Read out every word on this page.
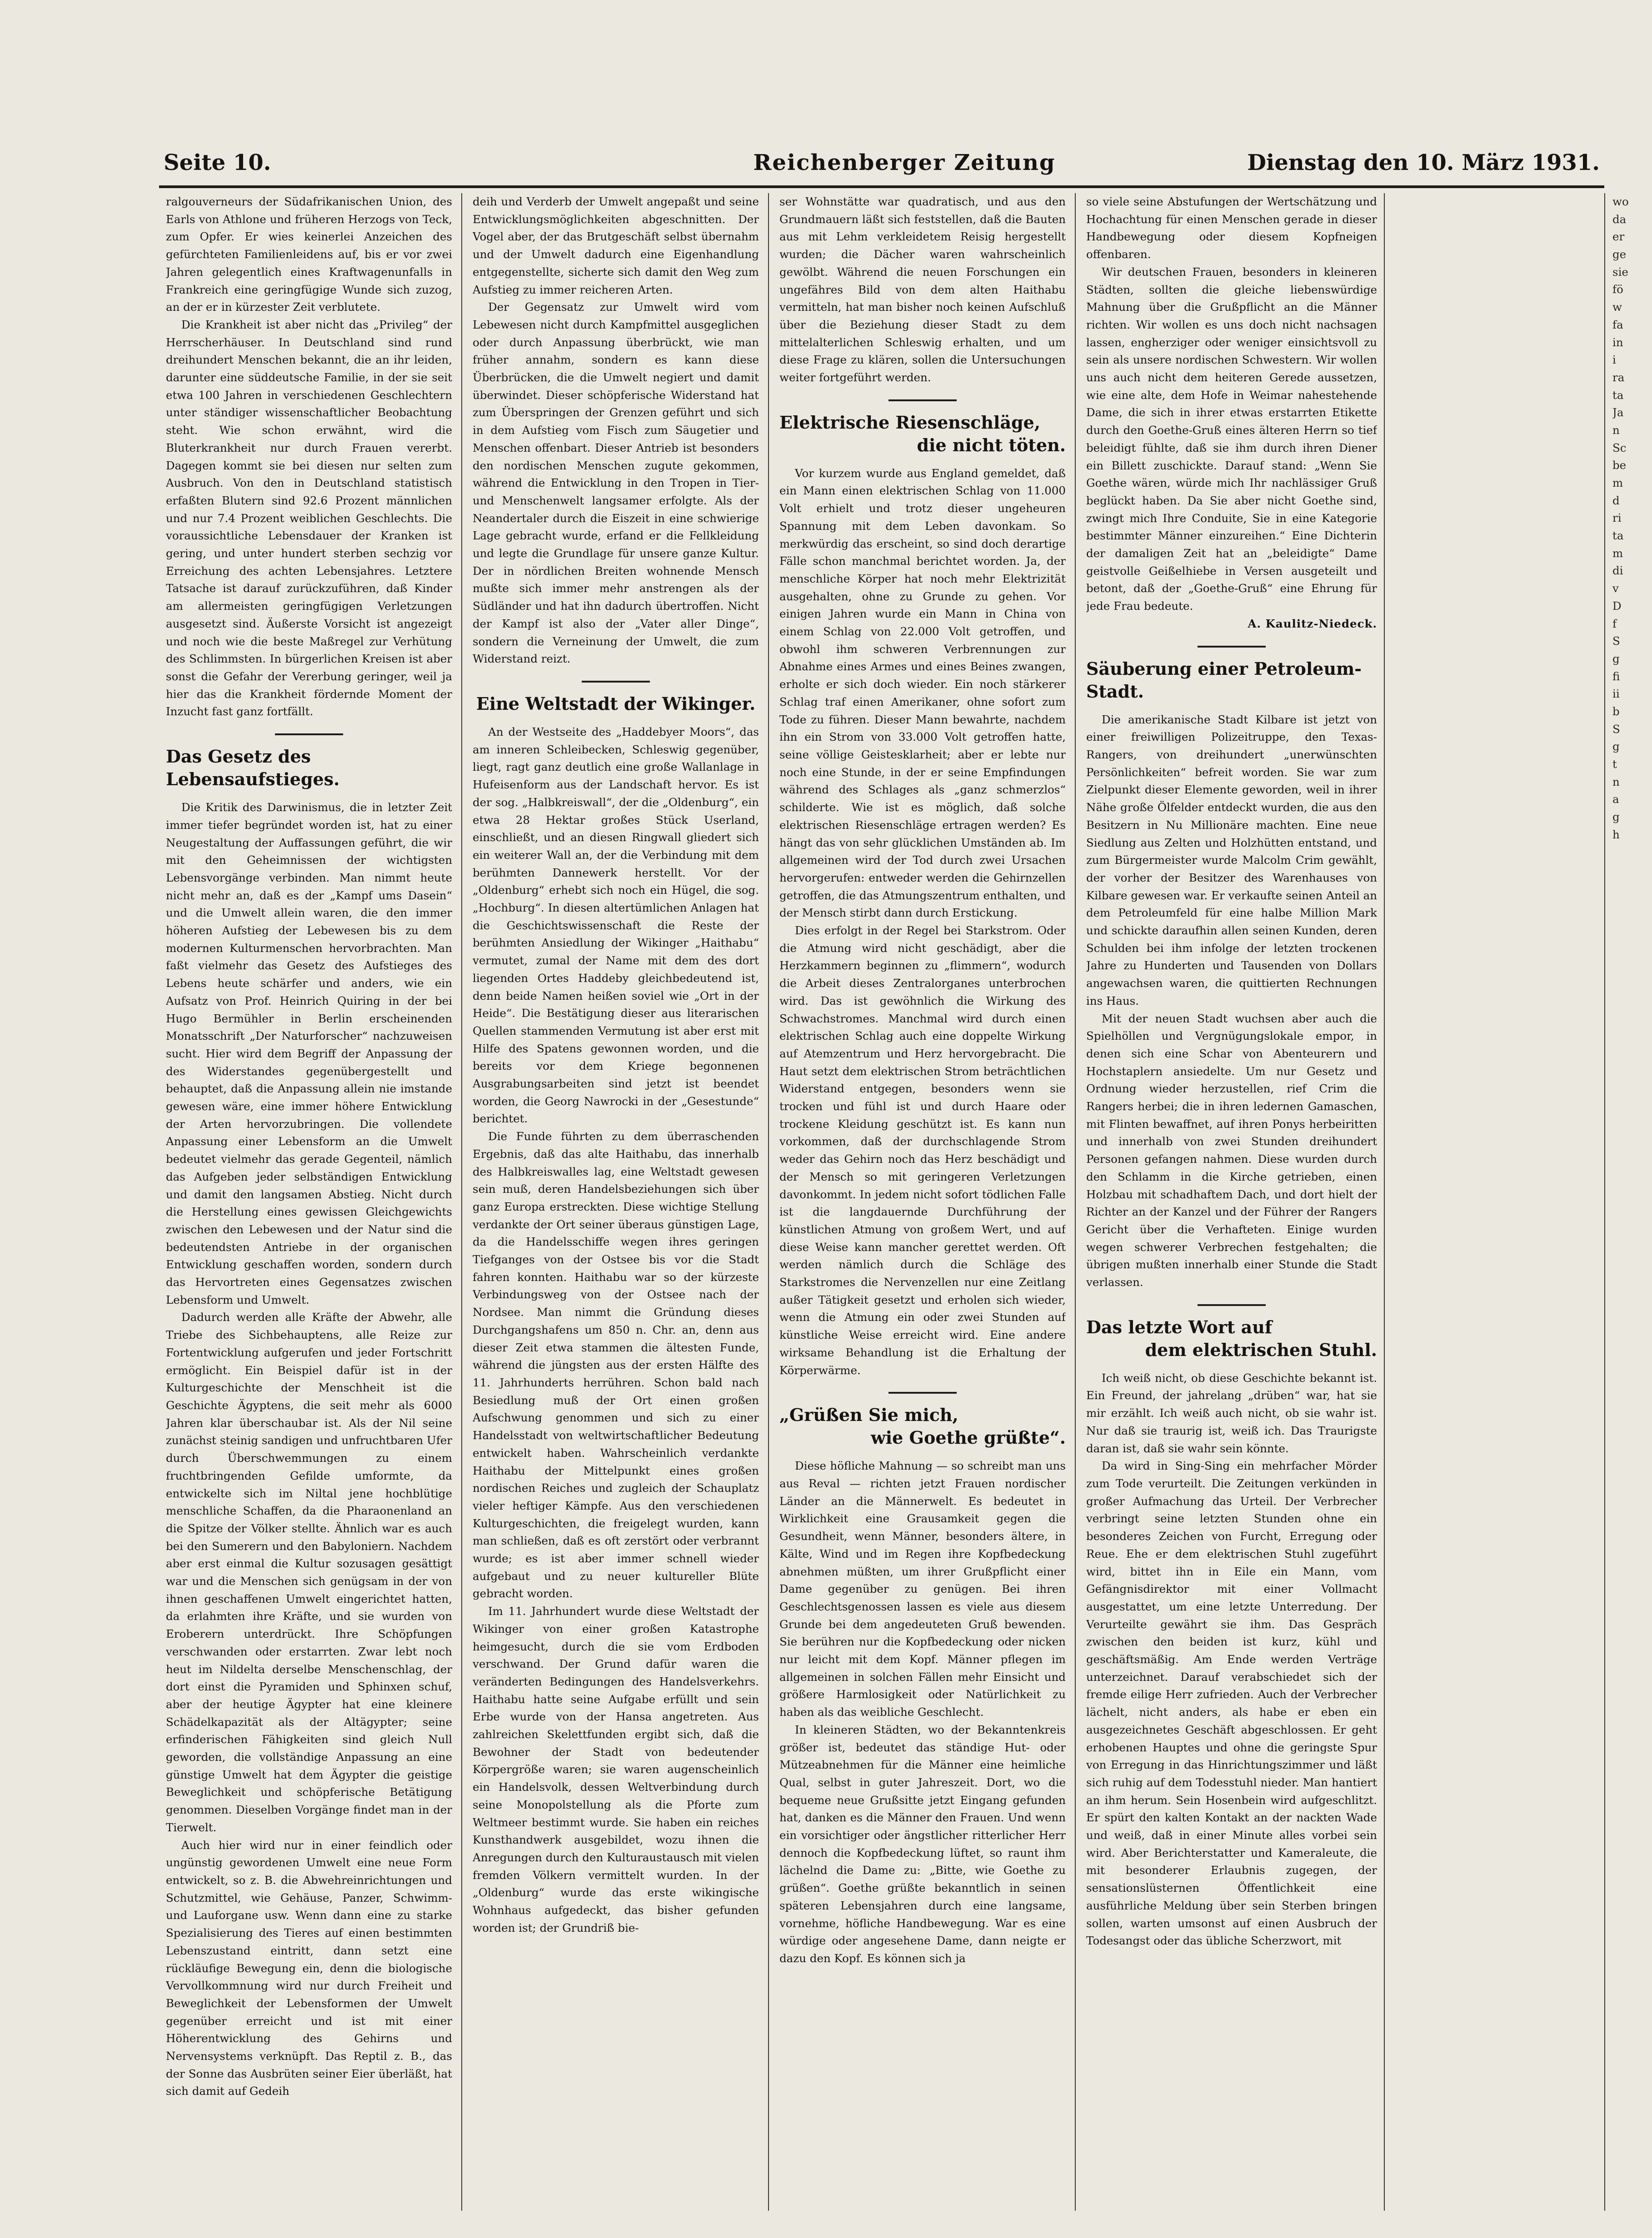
Seite 10.	Reichenberger Zeitung	Dienstag den 10. März 1931.

ralgouverneurs der Südafrikanischen Union, des Earls von Athlone und früheren Herzogs von Teck, zum Opfer. Er wies keinerlei Anzeichen des gefürchteten Familienleidens auf, bis er vor zwei Jahren gelegentlich eines Kraftwagenunfalls in Frankreich eine geringfügige Wunde sich zuzog, an der er in kürzester Zeit verblutete.

Die Krankheit ist aber nicht das „Privileg“ der Herrscherhäuser. In Deutschland sind rund dreihundert Menschen bekannt, die an ihr leiden, darunter eine süddeutsche Familie, in der sie seit etwa 100 Jahren in verschiedenen Geschlechtern unter ständiger wissenschaftlicher Beobachtung steht. Wie schon erwähnt, wird die Bluterkrankheit nur durch Frauen vererbt. Dagegen kommt sie bei diesen nur selten zum Ausbruch. Von den in Deutschland statistisch erfaßten Blutern sind 92.6 Prozent männlichen und nur 7.4 Prozent weiblichen Geschlechts. Die voraussichtliche Lebensdauer der Kranken ist gering, und unter hundert sterben sechzig vor Erreichung des achten Lebensjahres. Letztere Tatsache ist darauf zurückzuführen, daß Kinder am allermeisten geringfügigen Verletzungen ausgesetzt sind. Äußerste Vorsicht ist angezeigt und noch wie die beste Maßregel zur Verhütung des Schlimmsten. In bürgerlichen Kreisen ist aber sonst die Gefahr der Vererbung geringer, weil ja hier das die Krankheit fördernde Moment der Inzucht fast ganz fortfällt.

Das Gesetz des Lebensaufstieges.

Die Kritik des Darwinismus, die in letzter Zeit immer tiefer begründet worden ist, hat zu einer Neugestaltung der Auffassungen geführt, die wir mit den Geheimnissen der wichtigsten Lebensvorgänge verbinden. Man nimmt heute nicht mehr an, daß es der „Kampf ums Dasein“ und die Umwelt allein waren, die den immer höheren Aufstieg der Lebewesen bis zu dem modernen Kulturmenschen hervorbrachten. Man faßt vielmehr das Gesetz des Aufstieges des Lebens heute schärfer und anders, wie ein Aufsatz von Prof. Heinrich Quiring in der bei Hugo Bermühler in Berlin erscheinenden Monatsschrift „Der Naturforscher“ nachzuweisen sucht. Hier wird dem Begriff der Anpassung der des Widerstandes gegenübergestellt und behauptet, daß die Anpassung allein nie imstande gewesen wäre, eine immer höhere Entwicklung der Arten hervorzubringen. Die vollendete Anpassung einer Lebensform an die Umwelt bedeutet vielmehr das gerade Gegenteil, nämlich das Aufgeben jeder selbständigen Entwicklung und damit den langsamen Abstieg. Nicht durch die Herstellung eines gewissen Gleichgewichts zwischen den Lebewesen und der Natur sind die bedeutendsten Antriebe in der organischen Entwicklung geschaffen worden, sondern durch das Hervortreten eines Gegensatzes zwischen Lebensform und Umwelt.

Dadurch werden alle Kräfte der Abwehr, alle Triebe des Sichbehauptens, alle Reize zur Fortentwicklung aufgerufen und jeder Fortschritt ermöglicht. Ein Beispiel dafür ist in der Kulturgeschichte der Menschheit ist die Geschichte Ägyptens, die seit mehr als 6000 Jahren klar überschaubar ist. Als der Nil seine zunächst steinig sandigen und unfruchtbaren Ufer durch Überschwemmungen zu einem fruchtbringenden Gefilde umformte, da entwickelte sich im Niltal jene hochblütige menschliche Schaffen, da die Pharaonenland an die Spitze der Völker stellte. Ähnlich war es auch bei den Sumerern und den Babyloniern. Nachdem aber erst einmal die Kultur sozusagen gesättigt war und die Menschen sich genügsam in der von ihnen geschaffenen Umwelt eingerichtet hatten, da erlahmten ihre Kräfte, und sie wurden von Eroberern unterdrückt. Ihre Schöpfungen verschwanden oder erstarrten. Zwar lebt noch heut im Nildelta derselbe Menschenschlag, der dort einst die Pyramiden und Sphinxen schuf, aber der heutige Ägypter hat eine kleinere Schädelkapazität als der Altägypter; seine erfinderischen Fähigkeiten sind gleich Null geworden, die vollständige Anpassung an eine günstige Umwelt hat dem Ägypter die geistige Beweglichkeit und schöpferische Betätigung genommen. Dieselben Vorgänge findet man in der Tierwelt.

Auch hier wird nur in einer feindlich oder ungünstig gewordenen Umwelt eine neue Form entwickelt, so z. B. die Abwehreinrichtungen und Schutzmittel, wie Gehäuse, Panzer, Schwimm- und Lauforgane usw. Wenn dann eine zu starke Spezialisierung des Tieres auf einen bestimmten Lebenszustand eintritt, dann setzt eine rückläufige Bewegung ein, denn die biologische Vervollkommnung wird nur durch Freiheit und Beweglichkeit der Lebensformen der Umwelt gegenüber erreicht und ist mit einer Höherentwicklung des Gehirns und Nervensystems verknüpft. Das Reptil z. B., das der Sonne das Ausbrüten seiner Eier überläßt, hat sich damit auf Gedeih

deih und Verderb der Umwelt angepaßt und seine Entwicklungsmöglichkeiten abgeschnitten. Der Vogel aber, der das Brutgeschäft selbst übernahm und der Umwelt dadurch eine Eigenhandlung entgegenstellte, sicherte sich damit den Weg zum Aufstieg zu immer reicheren Arten.

Der Gegensatz zur Umwelt wird vom Lebewesen nicht durch Kampfmittel ausgeglichen oder durch Anpassung überbrückt, wie man früher annahm, sondern es kann diese Überbrücken, die die Umwelt negiert und damit überwindet. Dieser schöpferische Widerstand hat zum Überspringen der Grenzen geführt und sich in dem Aufstieg vom Fisch zum Säugetier und Menschen offenbart. Dieser Antrieb ist besonders den nordischen Menschen zugute gekommen, während die Entwicklung in den Tropen in Tier- und Menschenwelt langsamer erfolgte. Als der Neandertaler durch die Eiszeit in eine schwierige Lage gebracht wurde, erfand er die Fellkleidung und legte die Grundlage für unsere ganze Kultur. Der in nördlichen Breiten wohnende Mensch mußte sich immer mehr anstrengen als der Südländer und hat ihn dadurch übertroffen. Nicht der Kampf ist also der „Vater aller Dinge“, sondern die Verneinung der Umwelt, die zum Widerstand reizt.

Eine Weltstadt der Wikinger.

An der Westseite des „Haddebyer Moors“, das am inneren Schleibecken, Schleswig gegenüber, liegt, ragt ganz deutlich eine große Wallanlage in Hufeisenform aus der Landschaft hervor. Es ist der sog. „Halbkreiswall“, der die „Oldenburg“, ein etwa 28 Hektar großes Stück Userland, einschließt, und an diesen Ringwall gliedert sich ein weiterer Wall an, der die Verbindung mit dem berühmten Dannewerk herstellt. Vor der „Oldenburg“ erhebt sich noch ein Hügel, die sog. „Hochburg“. In diesen altertümlichen Anlagen hat die Geschichtswissenschaft die Reste der berühmten Ansiedlung der Wikinger „Haithabu“ vermutet, zumal der Name mit dem des dort liegenden Ortes Haddeby gleichbedeutend ist, denn beide Namen heißen soviel wie „Ort in der Heide“. Die Bestätigung dieser aus literarischen Quellen stammenden Vermutung ist aber erst mit Hilfe des Spatens gewonnen worden, und die bereits vor dem Kriege begonnenen Ausgrabungsarbeiten sind jetzt ist beendet worden, die Georg Nawrocki in der „Gesestunde“ berichtet.

Die Funde führten zu dem überraschenden Ergebnis, daß das alte Haithabu, das innerhalb des Halbkreiswalles lag, eine Weltstadt gewesen sein muß, deren Handelsbeziehungen sich über ganz Europa erstreckten. Diese wichtige Stellung verdankte der Ort seiner überaus günstigen Lage, da die Handelsschiffe wegen ihres geringen Tiefganges von der Ostsee bis vor die Stadt fahren konnten. Haithabu war so der kürzeste Verbindungsweg von der Ostsee nach der Nordsee. Man nimmt die Gründung dieses Durchgangshafens um 850 n. Chr. an, denn aus dieser Zeit etwa stammen die ältesten Funde, während die jüngsten aus der ersten Hälfte des 11. Jahrhunderts herrühren. Schon bald nach Besiedlung muß der Ort einen großen Aufschwung genommen und sich zu einer Handelsstadt von weltwirtschaftlicher Bedeutung entwickelt haben. Wahrscheinlich verdankte Haithabu der Mittelpunkt eines großen nordischen Reiches und zugleich der Schauplatz vieler heftiger Kämpfe. Aus den verschiedenen Kulturgeschichten, die freigelegt wurden, kann man schließen, daß es oft zerstört oder verbrannt wurde; es ist aber immer schnell wieder aufgebaut und zu neuer kultureller Blüte gebracht worden.

Im 11. Jahrhundert wurde diese Weltstadt der Wikinger von einer großen Katastrophe heimgesucht, durch die sie vom Erdboden verschwand. Der Grund dafür waren die veränderten Bedingungen des Handelsverkehrs. Haithabu hatte seine Aufgabe erfüllt und sein Erbe wurde von der Hansa angetreten. Aus zahlreichen Skelettfunden ergibt sich, daß die Bewohner der Stadt von bedeutender Körpergröße waren; sie waren augenscheinlich ein Handelsvolk, dessen Weltverbindung durch seine Monopolstellung als die Pforte zum Weltmeer bestimmt wurde. Sie haben ein reiches Kunsthandwerk ausgebildet, wozu ihnen die Anregungen durch den Kulturaustausch mit vielen fremden Völkern vermittelt wurden. In der „Oldenburg“ wurde das erste wikingische Wohnhaus aufgedeckt, das bisher gefunden worden ist; der Grundriß bie-

ser Wohnstätte war quadratisch, und aus den Grundmauern läßt sich feststellen, daß die Bauten aus mit Lehm verkleidetem Reisig hergestellt wurden; die Dächer waren wahrscheinlich gewölbt. Während die neuen Forschungen ein ungefähres Bild von dem alten Haithabu vermitteln, hat man bisher noch keinen Aufschluß über die Beziehung dieser Stadt zu dem mittelalterlichen Schleswig erhalten, und um diese Frage zu klären, sollen die Untersuchungen weiter fortgeführt werden.

Elektrische Riesenschläge,
die nicht töten.

Vor kurzem wurde aus England gemeldet, daß ein Mann einen elektrischen Schlag von 11.000 Volt erhielt und trotz dieser ungeheuren Spannung mit dem Leben davonkam. So merkwürdig das erscheint, so sind doch derartige Fälle schon manchmal berichtet worden. Ja, der menschliche Körper hat noch mehr Elektrizität ausgehalten, ohne zu Grunde zu gehen. Vor einigen Jahren wurde ein Mann in China von einem Schlag von 22.000 Volt getroffen, und obwohl ihm schweren Verbrennungen zur Abnahme eines Armes und eines Beines zwangen, erholte er sich doch wieder. Ein noch stärkerer Schlag traf einen Amerikaner, ohne sofort zum Tode zu führen. Dieser Mann bewahrte, nachdem ihn ein Strom von 33.000 Volt getroffen hatte, seine völlige Geistesklarheit; aber er lebte nur noch eine Stunde, in der er seine Empfindungen während des Schlages als „ganz schmerzlos“ schilderte. Wie ist es möglich, daß solche elektrischen Riesenschläge ertragen werden? Es hängt das von sehr glücklichen Umständen ab. Im allgemeinen wird der Tod durch zwei Ursachen hervorgerufen: entweder werden die Gehirnzellen getroffen, die das Atmungszentrum enthalten, und der Mensch stirbt dann durch Erstickung.

Dies erfolgt in der Regel bei Starkstrom. Oder die Atmung wird nicht geschädigt, aber die Herzkammern beginnen zu „flimmern“, wodurch die Arbeit dieses Zentralorganes unterbrochen wird. Das ist gewöhnlich die Wirkung des Schwachstromes. Manchmal wird durch einen elektrischen Schlag auch eine doppelte Wirkung auf Atemzentrum und Herz hervorgebracht. Die Haut setzt dem elektrischen Strom beträchtlichen Widerstand entgegen, besonders wenn sie trocken und fühl ist und durch Haare oder trockene Kleidung geschützt ist. Es kann nun vorkommen, daß der durchschlagende Strom weder das Gehirn noch das Herz beschädigt und der Mensch so mit geringeren Verletzungen davonkommt. In jedem nicht sofort tödlichen Falle ist die langdauernde Durchführung der künstlichen Atmung von großem Wert, und auf diese Weise kann mancher gerettet werden. Oft werden nämlich durch die Schläge des Starkstromes die Nervenzellen nur eine Zeitlang außer Tätigkeit gesetzt und erholen sich wieder, wenn die Atmung ein oder zwei Stunden auf künstliche Weise erreicht wird. Eine andere wirksame Behandlung ist die Erhaltung der Körperwärme.

„Grüßen Sie mich,
wie Goethe grüßte“.

Diese höfliche Mahnung — so schreibt man uns aus Reval — richten jetzt Frauen nordischer Länder an die Männerwelt. Es bedeutet in Wirklichkeit eine Grausamkeit gegen die Gesundheit, wenn Männer, besonders ältere, in Kälte, Wind und im Regen ihre Kopfbedeckung abnehmen müßten, um ihrer Grußpflicht einer Dame gegenüber zu genügen. Bei ihren Geschlechtsgenossen lassen es viele aus diesem Grunde bei dem angedeuteten Gruß bewenden. Sie berühren nur die Kopfbedeckung oder nicken nur leicht mit dem Kopf. Männer pflegen im allgemeinen in solchen Fällen mehr Einsicht und größere Harmlosigkeit oder Natürlichkeit zu haben als das weibliche Geschlecht.

In kleineren Städten, wo der Bekanntenkreis größer ist, bedeutet das ständige Hut- oder Mützeabnehmen für die Männer eine heimliche Qual, selbst in guter Jahreszeit. Dort, wo die bequeme neue Grußsitte jetzt Eingang gefunden hat, danken es die Männer den Frauen. Und wenn ein vorsichtiger oder ängstlicher ritterlicher Herr dennoch die Kopfbedeckung lüftet, so raunt ihm lächelnd die Dame zu: „Bitte, wie Goethe zu grüßen“. Goethe grüßte bekanntlich in seinen späteren Lebensjahren durch eine langsame, vornehme, höfliche Handbewegung. War es eine würdige oder angesehene Dame, dann neigte er dazu den Kopf. Es können sich ja

so viele seine Abstufungen der Wertschätzung und Hochachtung für einen Menschen gerade in dieser Handbewegung oder diesem Kopfneigen offenbaren.

Wir deutschen Frauen, besonders in kleineren Städten, sollten die gleiche liebenswürdige Mahnung über die Grußpflicht an die Männer richten. Wir wollen es uns doch nicht nachsagen lassen, engherziger oder weniger einsichtsvoll zu sein als unsere nordischen Schwestern. Wir wollen uns auch nicht dem heiteren Gerede aussetzen, wie eine alte, dem Hofe in Weimar nahestehende Dame, die sich in ihrer etwas erstarrten Etikette durch den Goethe-Gruß eines älteren Herrn so tief beleidigt fühlte, daß sie ihm durch ihren Diener ein Billett zuschickte. Darauf stand: „Wenn Sie Goethe wären, würde mich Ihr nachlässiger Gruß beglückt haben. Da Sie aber nicht Goethe sind, zwingt mich Ihre Conduite, Sie in eine Kategorie bestimmter Männer einzureihen.“ Eine Dichterin der damaligen Zeit hat an „beleidigte“ Dame geistvolle Geißelhiebe in Versen ausgeteilt und betont, daß der „Goethe-Gruß“ eine Ehrung für jede Frau bedeute.

A. Kaulitz-Niedeck.
Säuberung einer Petroleum-Stadt.

Die amerikanische Stadt Kilbare ist jetzt von einer freiwilligen Polizeitruppe, den Texas-Rangers, von dreihundert „unerwünschten Persönlichkeiten“ befreit worden. Sie war zum Zielpunkt dieser Elemente geworden, weil in ihrer Nähe große Ölfelder entdeckt wurden, die aus den Besitzern in Nu Millionäre machten. Eine neue Siedlung aus Zelten und Holzhütten entstand, und zum Bürgermeister wurde Malcolm Crim gewählt, der vorher der Besitzer des Warenhauses von Kilbare gewesen war. Er verkaufte seinen Anteil an dem Petroleumfeld für eine halbe Million Mark und schickte daraufhin allen seinen Kunden, deren Schulden bei ihm infolge der letzten trockenen Jahre zu Hunderten und Tausenden von Dollars angewachsen waren, die quittierten Rechnungen ins Haus.

Mit der neuen Stadt wuchsen aber auch die Spielhöllen und Vergnügungslokale empor, in denen sich eine Schar von Abenteurern und Hochstaplern ansiedelte. Um nur Gesetz und Ordnung wieder herzustellen, rief Crim die Rangers herbei; die in ihren ledernen Gamaschen, mit Flinten bewaffnet, auf ihren Ponys herbeiritten und innerhalb von zwei Stunden dreihundert Personen gefangen nahmen. Diese wurden durch den Schlamm in die Kirche getrieben, einen Holzbau mit schadhaftem Dach, und dort hielt der Richter an der Kanzel und der Führer der Rangers Gericht über die Verhafteten. Einige wurden wegen schwerer Verbrechen festgehalten; die übrigen mußten innerhalb einer Stunde die Stadt verlassen.

Das letzte Wort auf
dem elektrischen Stuhl.

Ich weiß nicht, ob diese Geschichte bekannt ist. Ein Freund, der jahrelang „drüben“ war, hat sie mir erzählt. Ich weiß auch nicht, ob sie wahr ist. Nur daß sie traurig ist, weiß ich. Das Traurigste daran ist, daß sie wahr sein könnte.

Da wird in Sing-Sing ein mehrfacher Mörder zum Tode verurteilt. Die Zeitungen verkünden in großer Aufmachung das Urteil. Der Verbrecher verbringt seine letzten Stunden ohne ein besonderes Zeichen von Furcht, Erregung oder Reue. Ehe er dem elektrischen Stuhl zugeführt wird, bittet ihn in Eile ein Mann, vom Gefängnisdirektor mit einer Vollmacht ausgestattet, um eine letzte Unterredung. Der Verurteilte gewährt sie ihm. Das Gespräch zwischen den beiden ist kurz, kühl und geschäftsmäßig. Am Ende werden Verträge unterzeichnet. Darauf verabschiedet sich der fremde eilige Herr zufrieden. Auch der Verbrecher lächelt, nicht anders, als habe er eben ein ausgezeichnetes Geschäft abgeschlossen. Er geht erhobenen Hauptes und ohne die geringste Spur von Erregung in das Hinrichtungszimmer und läßt sich ruhig auf dem Todesstuhl nieder. Man hantiert an ihm herum. Sein Hosenbein wird aufgeschlitzt. Er spürt den kalten Kontakt an der nackten Wade und weiß, daß in einer Minute alles vorbei sein wird. Aber Berichterstatter und Kameraleute, die mit besonderer Erlaubnis zugegen, der sensationslüsternen Öffentlichkeit eine ausführliche Meldung über sein Sterben bringen sollen, warten umsonst auf einen Ausbruch der Todesangst oder das übliche Scherzwort, mit

wo
da
er
ge
sie
fö
w
fa
in
i
ra
ta
Ja
n
Sc
be
m
d
ri
ta
m
di
v
D
f
S
g
fi
ii
b
S
g
t
n
a
g
h
